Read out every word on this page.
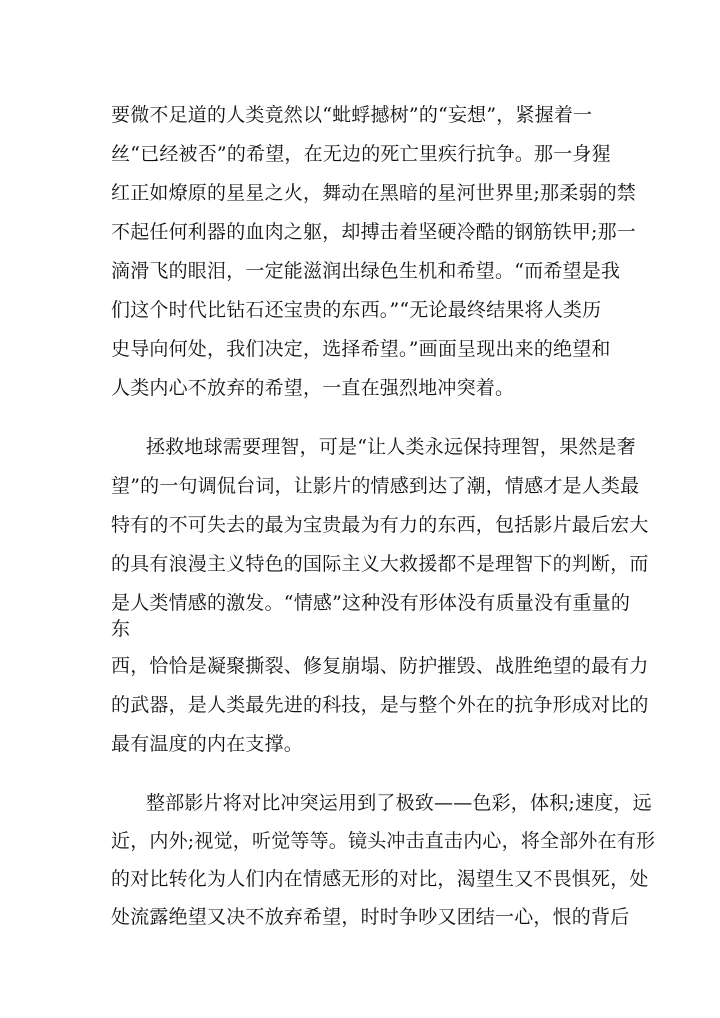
要微不足道的人类竟然以“蚍蜉撼树”的“妄想”，紧握着一
丝“已经被否”的希望，在无边的死亡里疾行抗争。那一身猩
红正如燎原的星星之火，舞动在黑暗的星河世界里;那柔弱的禁
不起任何利器的血肉之躯，却搏击着坚硬冷酷的钢筋铁甲;那一
滴滑飞的眼泪，一定能滋润出绿色生机和希望。“而希望是我
们这个时代比钻石还宝贵的东西。”“无论最终结果将人类历
史导向何处，我们决定，选择希望。”画面呈现出来的绝望和
人类内心不放弃的希望，一直在强烈地冲突着。
拯救地球需要理智，可是“让人类永远保持理智，果然是奢
望”的一句调侃台词，让影片的情感到达了潮，情感才是人类最
特有的不可失去的最为宝贵最为有力的东西，包括影片最后宏大
的具有浪漫主义特色的国际主义大救援都不是理智下的判断，而
是人类情感的激发。“情感”这种没有形体没有质量没有重量的
东
西，恰恰是凝聚撕裂、修复崩塌、防护摧毁、战胜绝望的最有力
的武器，是人类最先进的科技，是与整个外在的抗争形成对比的
最有温度的内在支撑。
整部影片将对比冲突运用到了极致——色彩，体积;速度，远
近，内外;视觉，听觉等等。镜头冲击直击内心，将全部外在有形
的对比转化为人们内在情感无形的对比，渴望生又不畏惧死，处
处流露绝望又决不放弃希望，时时争吵又团结一心，恨的背后
